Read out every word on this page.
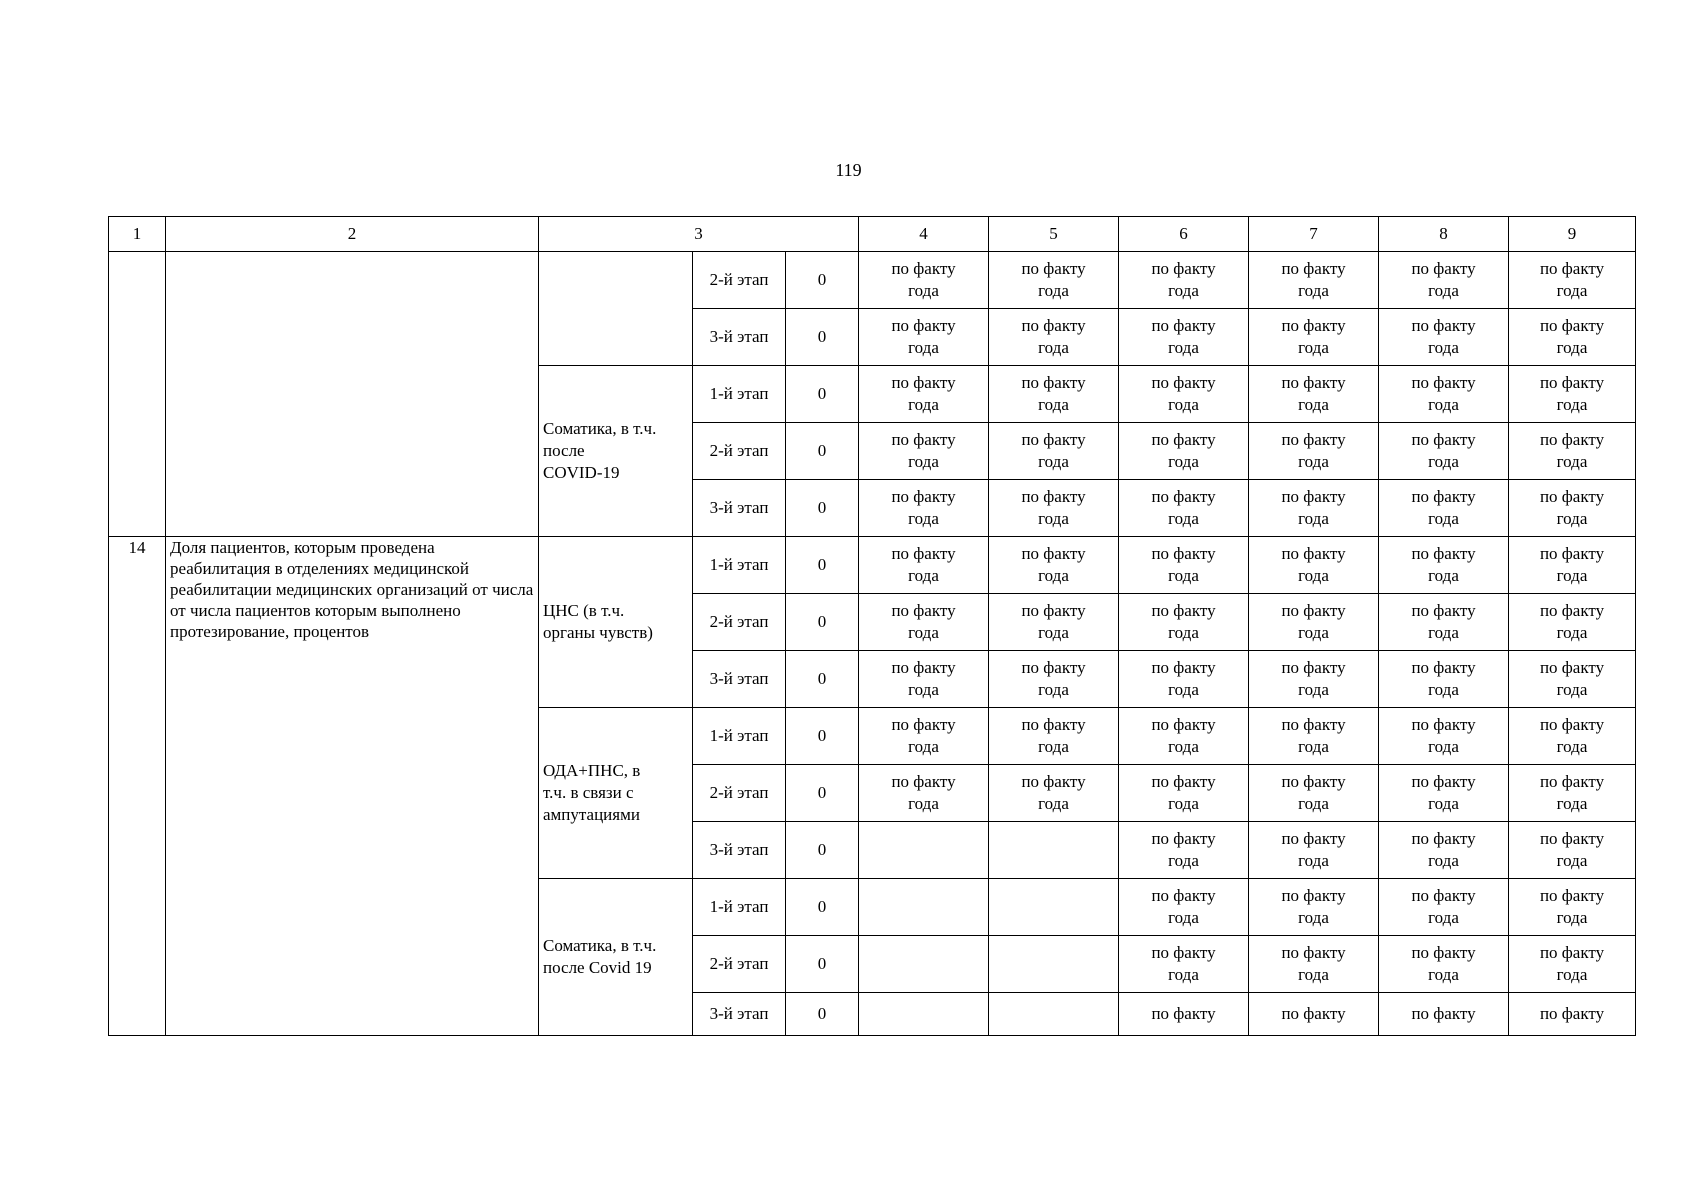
119
1	2	3			4	5	6	7	8	9
			2-й этап	0	по факту
года	по факту
года	по факту
года	по факту
года	по факту
года	по факту
года

			3-й этап	0	по факту
года	по факту
года	по факту
года	по факту
года	по факту
года	по факту
года

		Соматика, в т.ч.
после
COVID-19	1-й этап	0	по факту
года	по факту
года	по факту
года	по факту
года	по факту
года	по факту
года

			2-й этап	0	по факту
года	по факту
года	по факту
года	по факту
года	по факту
года	по факту
года

			3-й этап	0	по факту
года	по факту
года	по факту
года	по факту
года	по факту
года	по факту
года

14	Доля пациентов, которым проведена реабилитация в отделениях медицинской реабилитации медицинских организаций от числа от числа пациентов которым выполнено протезирование, процентов	ЦНС (в т.ч.
органы чувств)	1-й этап	0	по факту
года	по факту
года	по факту
года	по факту
года	по факту
года	по факту
года

			2-й этап	0	по факту
года	по факту
года	по факту
года	по факту
года	по факту
года	по факту
года

			3-й этап	0	по факту
года	по факту
года	по факту
года	по факту
года	по факту
года	по факту
года

		ОДА+ПНС, в
т.ч. в связи с
ампутациями	1-й этап	0	по факту
года	по факту
года	по факту
года	по факту
года	по факту
года	по факту
года

			2-й этап	0	по факту
года	по факту
года	по факту
года	по факту
года	по факту
года	по факту
года

			3-й этап	0			по факту
года	по факту
года	по факту
года	по факту
года

		Соматика, в т.ч.
после Covid 19	1-й этап	0			по факту
года	по факту
года	по факту
года	по факту
года

			2-й этап	0			по факту
года	по факту
года	по факту
года	по факту
года

			3-й этап	0			по факту	по факту	по факту	по факту
